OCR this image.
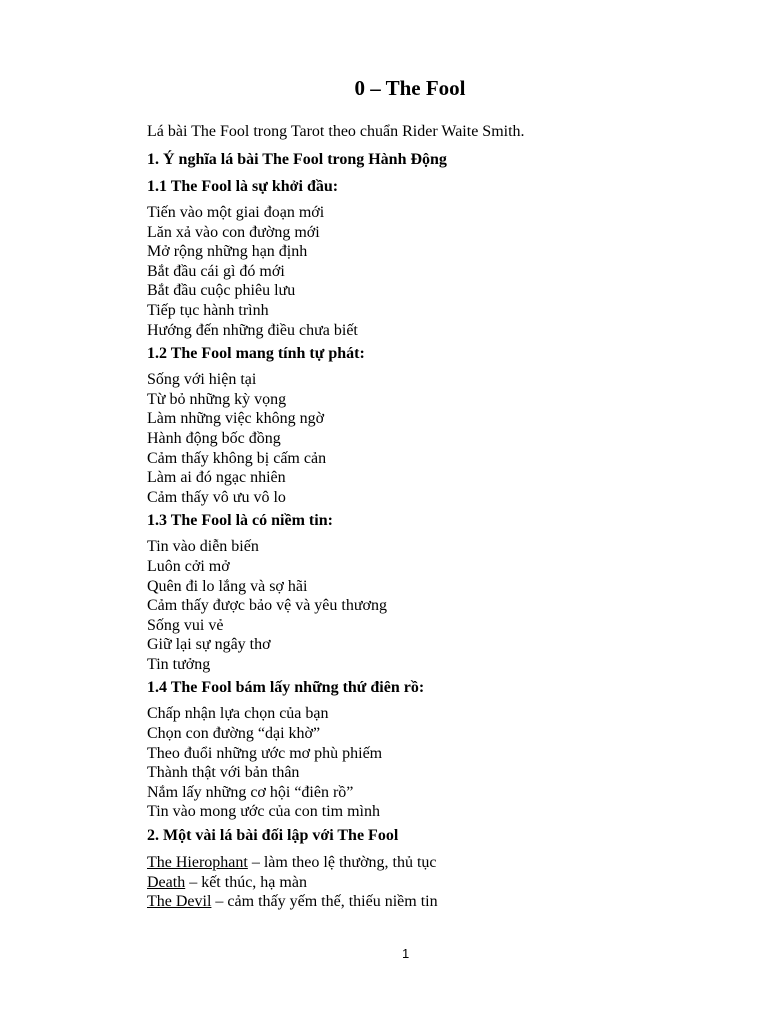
0 – The Fool

Lá bài The Fool trong Tarot theo chuẩn Rider Waite Smith.

1. Ý nghĩa lá bài The Fool trong Hành Động

1.1 The Fool là sự khởi đầu:

Tiến vào một giai đoạn mới
Lăn xả vào con đường mới
Mở rộng những hạn định
Bắt đầu cái gì đó mới
Bắt đầu cuộc phiêu lưu
Tiếp tục hành trình
Hướng đến những điều chưa biết

1.2 The Fool mang tính tự phát:

Sống với hiện tại
Từ bỏ những kỳ vọng
Làm những việc không ngờ
Hành động bốc đồng
Cảm thấy không bị cấm cản
Làm ai đó ngạc nhiên
Cảm thấy vô ưu vô lo

1.3 The Fool là có niềm tin:

Tin vào diễn biến
Luôn cởi mở
Quên đi lo lắng và sợ hãi
Cảm thấy được bảo vệ và yêu thương
Sống vui vẻ
Giữ lại sự ngây thơ
Tin tưởng

1.4 The Fool bám lấy những thứ điên rồ:

Chấp nhận lựa chọn của bạn
Chọn con đường “dại khờ”
Theo đuổi những ước mơ phù phiếm
Thành thật với bản thân
Nắm lấy những cơ hội “điên rồ”
Tin vào mong ước của con tim mình

2. Một vài lá bài đối lập với The Fool

The Hierophant – làm theo lệ thường, thủ tục
Death – kết thúc, hạ màn
The Devil – cảm thấy yếm thế, thiếu niềm tin
1
